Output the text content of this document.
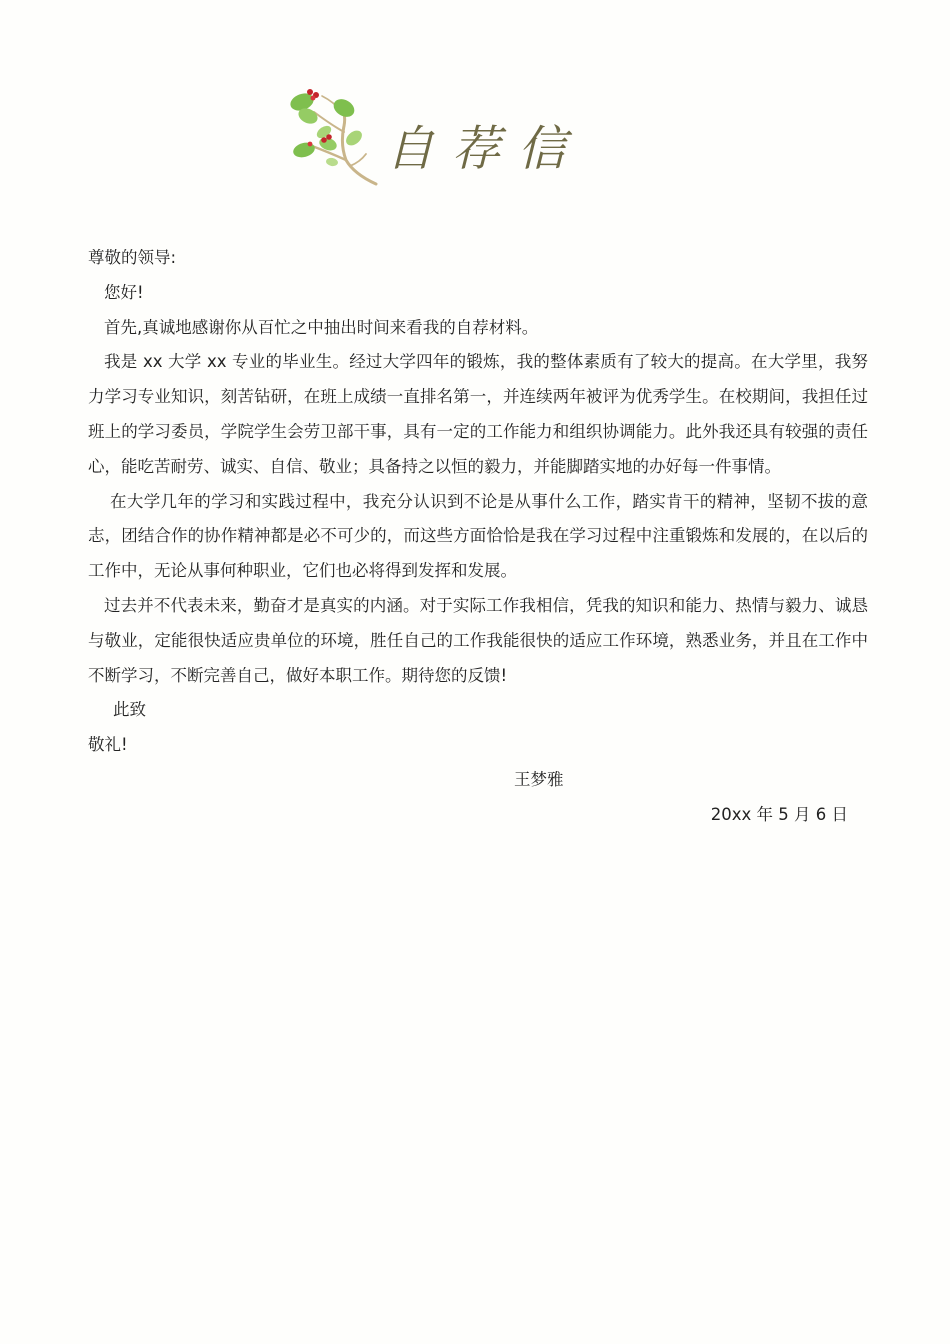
自荐信

尊敬的领导:

您好!

首先,真诚地感谢你从百忙之中抽出时间来看我的自荐材料。

我是 xx 大学 xx 专业的毕业生。经过大学四年的锻炼，我的整体素质有了较大的提高。在大学里，我努力学习专业知识，刻苦钻研，在班上成绩一直排名第一，并连续两年被评为优秀学生。在校期间，我担任过班上的学习委员，学院学生会劳卫部干事，具有一定的工作能力和组织协调能力。此外我还具有较强的责任心，能吃苦耐劳、诚实、自信、敬业；具备持之以恒的毅力，并能脚踏实地的办好每一件事情。

在大学几年的学习和实践过程中，我充分认识到不论是从事什么工作，踏实肯干的精神，坚韧不拔的意志，团结合作的协作精神都是必不可少的，而这些方面恰恰是我在学习过程中注重锻炼和发展的，在以后的工作中，无论从事何种职业，它们也必将得到发挥和发展。

过去并不代表未来，勤奋才是真实的内涵。对于实际工作我相信，凭我的知识和能力、热情与毅力、诚恳与敬业，定能很快适应贵单位的环境，胜任自己的工作我能很快的适应工作环境，熟悉业务，并且在工作中不断学习，不断完善自己，做好本职工作。期待您的反馈!

此致

敬礼!

王梦雅

20xx 年 5 月 6 日
